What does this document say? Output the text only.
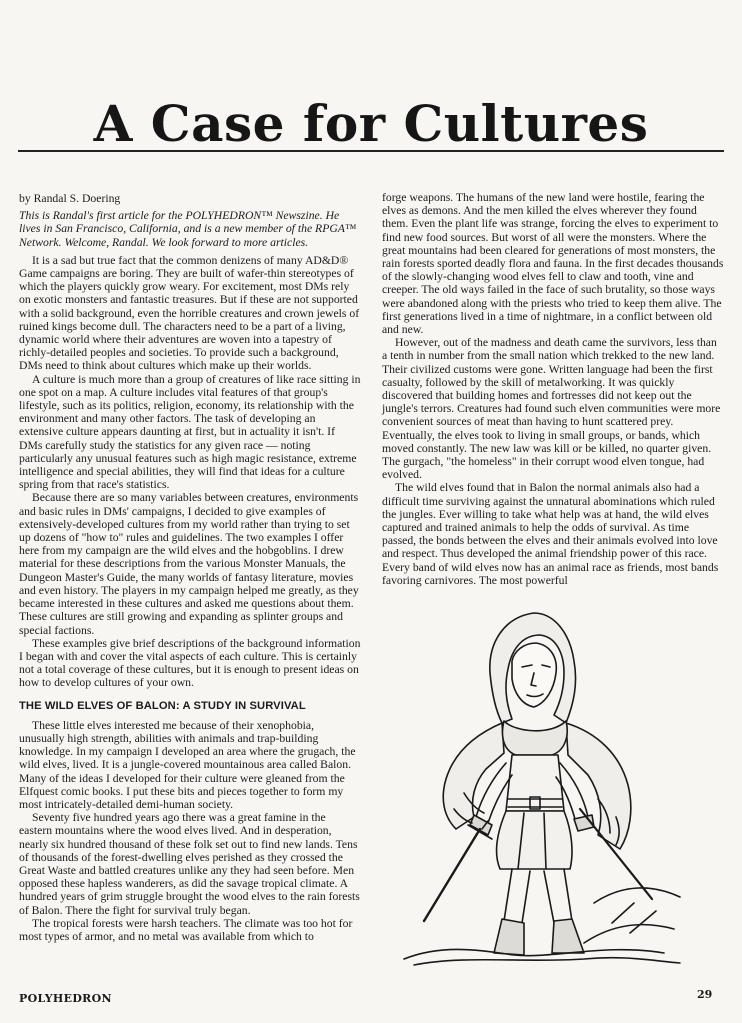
A Case for Cultures

by Randal S. Doering

This is Randal's first article for the POLYHEDRON™ Newszine. He lives in San Francisco, California, and is a new member of the RPGA™ Network. Welcome, Randal. We look forward to more articles.

It is a sad but true fact that the common denizens of many AD&D® Game campaigns are boring. They are built of wafer-thin stereotypes of which the players quickly grow weary. For excitement, most DMs rely on exotic monsters and fantastic treasures. But if these are not supported with a solid background, even the horrible creatures and crown jewels of ruined kings become dull. The characters need to be a part of a living, dynamic world where their adventures are woven into a tapestry of richly-detailed peoples and societies. To provide such a background, DMs need to think about cultures which make up their worlds.

A culture is much more than a group of creatures of like race sitting in one spot on a map. A culture includes vital features of that group's lifestyle, such as its politics, religion, economy, its relationship with the environment and many other factors. The task of developing an extensive culture appears daunting at first, but in actuality it isn't. If DMs carefully study the statistics for any given race — noting particularly any unusual features such as high magic resistance, extreme intelligence and special abilities, they will find that ideas for a culture spring from that race's statistics.

Because there are so many variables between creatures, environments and basic rules in DMs' campaigns, I decided to give examples of extensively-developed cultures from my world rather than trying to set up dozens of "how to" rules and guidelines. The two examples I offer here from my campaign are the wild elves and the hobgoblins. I drew material for these descriptions from the various Monster Manuals, the Dungeon Master's Guide, the many worlds of fantasy literature, movies and even history. The players in my campaign helped me greatly, as they became interested in these cultures and asked me questions about them. These cultures are still growing and expanding as splinter groups and special factions.

These examples give brief descriptions of the background information I began with and cover the vital aspects of each culture. This is certainly not a total coverage of these cultures, but it is enough to present ideas on how to develop cultures of your own.

THE WILD ELVES OF BALON: A STUDY IN SURVIVAL

These little elves interested me because of their xenophobia, unusually high strength, abilities with animals and trap-building knowledge. In my campaign I developed an area where the grugach, the wild elves, lived. It is a jungle-covered mountainous area called Balon. Many of the ideas I developed for their culture were gleaned from the Elfquest comic books. I put these bits and pieces together to form my most intricately-detailed demi-human society.

Seventy five hundred years ago there was a great famine in the eastern mountains where the wood elves lived. And in desperation, nearly six hundred thousand of these folk set out to find new lands. Tens of thousands of the forest-dwelling elves perished as they crossed the Great Waste and battled creatures unlike any they had seen before. Men opposed these hapless wanderers, as did the savage tropical climate. A hundred years of grim struggle brought the wood elves to the rain forests of Balon. There the fight for survival truly began.

The tropical forests were harsh teachers. The climate was too hot for most types of armor, and no metal was available from which to

forge weapons. The humans of the new land were hostile, fearing the elves as demons. And the men killed the elves wherever they found them. Even the plant life was strange, forcing the elves to experiment to find new food sources. But worst of all were the monsters. Where the great mountains had been cleared for generations of most monsters, the rain forests sported deadly flora and fauna. In the first decades thousands of the slowly-changing wood elves fell to claw and tooth, vine and creeper. The old ways failed in the face of such brutality, so those ways were abandoned along with the priests who tried to keep them alive. The first generations lived in a time of nightmare, in a conflict between old and new.

However, out of the madness and death came the survivors, less than a tenth in number from the small nation which trekked to the new land. Their civilized customs were gone. Written language had been the first casualty, followed by the skill of metalworking. It was quickly discovered that building homes and fortresses did not keep out the jungle's terrors. Creatures had found such elven communities were more convenient sources of meat than having to hunt scattered prey. Eventually, the elves took to living in small groups, or bands, which moved constantly. The new law was kill or be killed, no quarter given. The gurgach, "the homeless" in their corrupt wood elven tongue, had evolved.

The wild elves found that in Balon the normal animals also had a difficult time surviving against the unnatural abominations which ruled the jungles. Ever willing to take what help was at hand, the wild elves captured and trained animals to help the odds of survival. As time passed, the bonds between the elves and their animals evolved into love and respect. Thus developed the animal friendship power of this race. Every band of wild elves now has an animal race as friends, most bands favoring carnivores. The most powerful

POLYHEDRON	29
